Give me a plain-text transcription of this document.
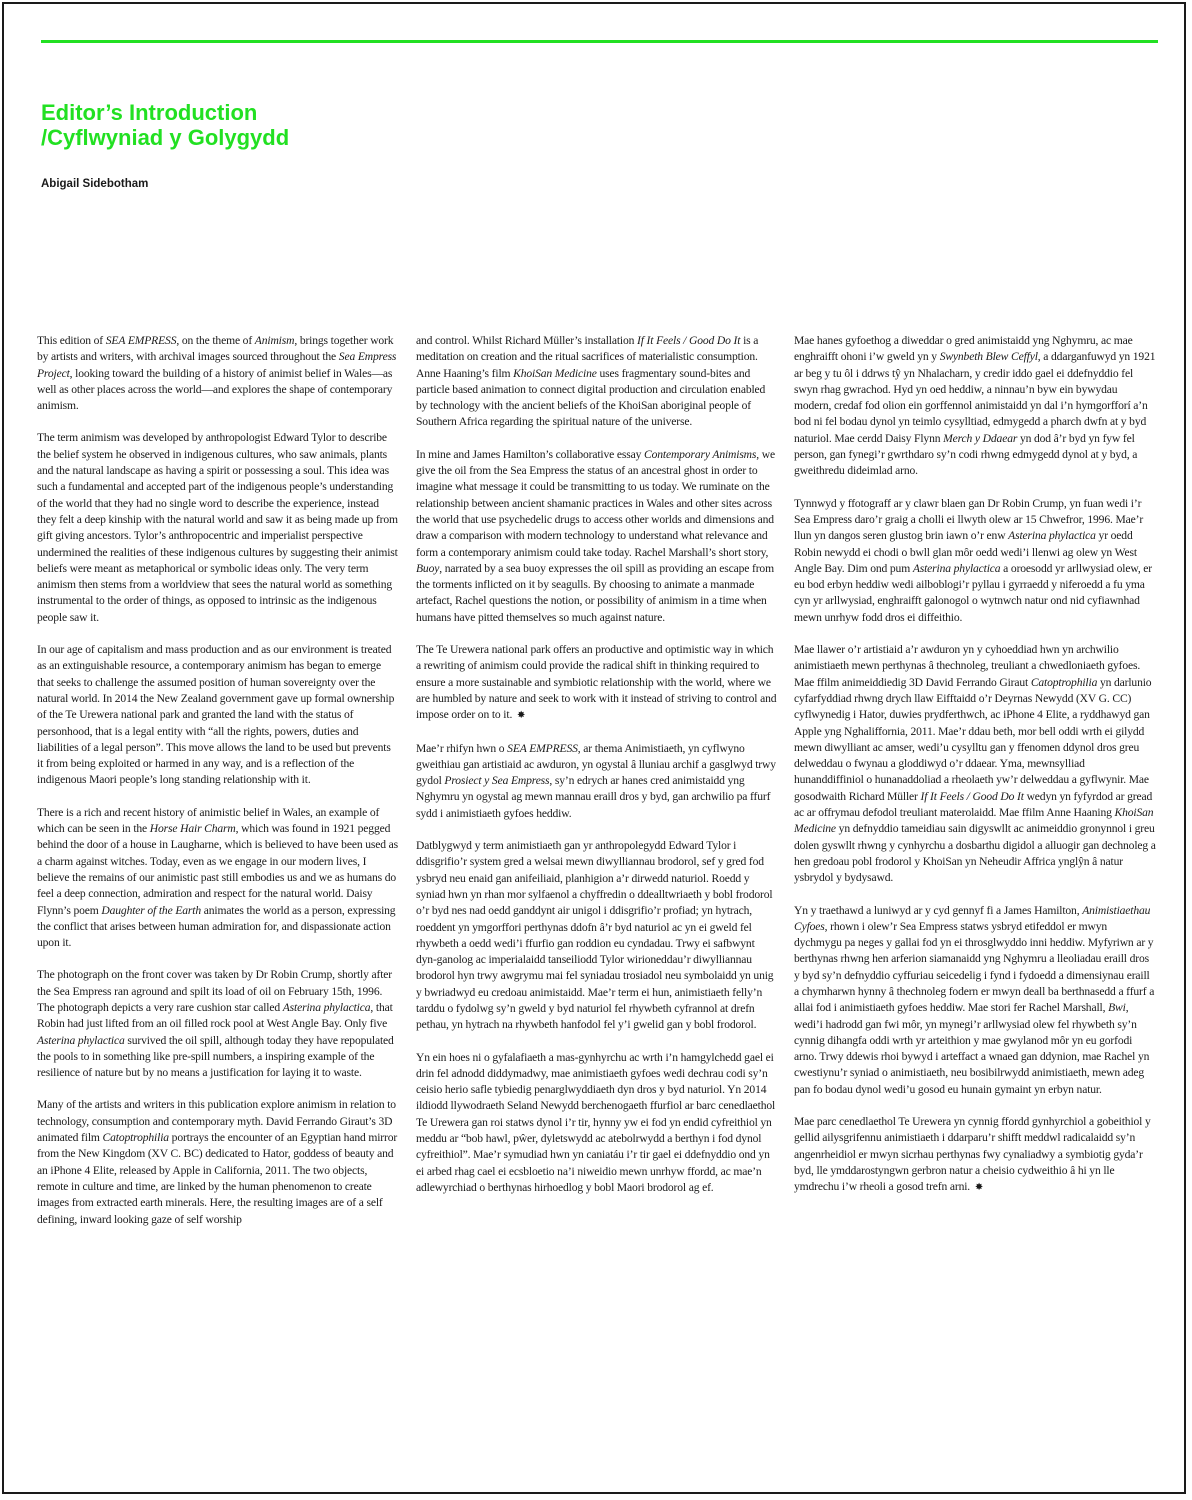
Editor’s Introduction
/Cyflwyniad y Golygydd

Abigail Sidebotham

This edition of SEA EMPRESS, on the theme of Animism, brings together work by artists and writers, with archival images sourced throughout the Sea Empress Project, looking toward the building of a history of animist belief in Wales—as well as other places across the world—and explores the shape of contemporary animism.

The term animism was developed by anthropologist Edward Tylor to describe the belief system he observed in indigenous cultures, who saw animals, plants and the natural landscape as having a spirit or possessing a soul. This idea was such a fundamental and accepted part of the indigenous people’s understanding of the world that they had no single word to describe the experience, instead they felt a deep kinship with the natural world and saw it as being made up from gift giving ancestors. Tylor’s anthropocentric and imperialist perspective undermined the realities of these indigenous cultures by suggesting their animist beliefs were meant as metaphorical or symbolic ideas only. The very term animism then stems from a worldview that sees the natural world as something instrumental to the order of things, as opposed to intrinsic as the indigenous people saw it.

In our age of capitalism and mass production and as our environment is treated as an extinguishable resource, a contemporary animism has began to emerge that seeks to challenge the assumed position of human sovereignty over the natural world. In 2014 the New Zealand government gave up formal ownership of the Te Urewera national park and granted the land with the status of personhood, that is a legal entity with “all the rights, powers, duties and liabilities of a legal person”. This move allows the land to be used but prevents it from being exploited or harmed in any way, and is a reflection of the indigenous Maori people’s long standing relationship with it.

There is a rich and recent history of animistic belief in Wales, an example of which can be seen in the Horse Hair Charm, which was found in 1921 pegged behind the door of a house in Laugharne, which is believed to have been used as a charm against witches. Today, even as we engage in our modern lives, I believe the remains of our animistic past still embodies us and we as humans do feel a deep connection, admiration and respect for the natural world. Daisy Flynn’s poem Daughter of the Earth animates the world as a person, expressing the conflict that arises between human admiration for, and dispassionate action upon it.

The photograph on the front cover was taken by Dr Robin Crump, shortly after the Sea Empress ran aground and spilt its load of oil on February 15th, 1996. The photograph depicts a very rare cushion star called Asterina phylactica, that Robin had just lifted from an oil filled rock pool at West Angle Bay. Only five Asterina phylactica survived the oil spill, although today they have repopulated the pools to in something like pre-spill numbers, a inspiring example of the resilience of nature but by no means a justification for laying it to waste.

Many of the artists and writers in this publication explore animism in relation to technology, consumption and contemporary myth. David Ferrando Giraut’s 3D animated film Catoptrophilia portrays the encounter of an Egyptian hand mirror from the New Kingdom (XV C. BC) dedicated to Hator, goddess of beauty and an iPhone 4 Elite, released by Apple in California, 2011. The two objects, remote in culture and time, are linked by the human phenomenon to create images from extracted earth minerals. Here, the resulting images are of a self defining, inward looking gaze of self worship

and control. Whilst Richard Müller’s installation If It Feels / Good Do It is a meditation on creation and the ritual sacrifices of materialistic consumption. Anne Haaning’s film KhoiSan Medicine uses fragmentary sound-bites and particle based animation to connect digital production and circulation enabled by technology with the ancient beliefs of the KhoiSan aboriginal people of Southern Africa regarding the spiritual nature of the universe.

In mine and James Hamilton’s collaborative essay Contemporary Animisms, we give the oil from the Sea Empress the status of an ancestral ghost in order to imagine what message it could be transmitting to us today. We ruminate on the relationship between ancient shamanic practices in Wales and other sites across the world that use psychedelic drugs to access other worlds and dimensions and draw a comparison with modern technology to understand what relevance and form a contemporary animism could take today. Rachel Marshall’s short story, Buoy, narrated by a sea buoy expresses the oil spill as providing an escape from the torments inflicted on it by seagulls. By choosing to animate a manmade artefact, Rachel questions the notion, or possibility of animism in a time when humans have pitted themselves so much against nature.

The Te Urewera national park offers an productive and optimistic way in which a rewriting of animism could provide the radical shift in thinking required to ensure a more sustainable and symbiotic relationship with the world, where we are humbled by nature and seek to work with it instead of striving to control and impose order on to it. ✸

Mae’r rhifyn hwn o SEA EMPRESS, ar thema Animistiaeth, yn cyflwyno gweithiau gan artistiaid ac awduron, yn ogystal â lluniau archif a gasglwyd trwy gydol Prosiect y Sea Empress, sy’n edrych ar hanes cred animistaidd yng Nghymru yn ogystal ag mewn mannau eraill dros y byd, gan archwilio pa ffurf sydd i animistiaeth gyfoes heddiw.

Datblygwyd y term animistiaeth gan yr anthropolegydd Edward Tylor i ddisgrifio’r system gred a welsai mewn diwylliannau brodorol, sef y gred fod ysbryd neu enaid gan anifeiliaid, planhigion a’r dirwedd naturiol. Roedd y syniad hwn yn rhan mor sylfaenol a chyffredin o ddealltwriaeth y bobl frodorol o’r byd nes nad oedd ganddynt air unigol i ddisgrifio’r profiad; yn hytrach, roeddent yn ymgorffori perthynas ddofn â’r byd naturiol ac yn ei gweld fel rhywbeth a oedd wedi’i ffurfio gan roddion eu cyndadau. Trwy ei safbwynt dyn-ganolog ac imperialaidd tanseiliodd Tylor wirioneddau’r diwylliannau brodorol hyn trwy awgrymu mai fel syniadau trosiadol neu symbolaidd yn unig y bwriadwyd eu credoau animistaidd. Mae’r term ei hun, animistiaeth felly’n tarddu o fydolwg sy’n gweld y byd naturiol fel rhywbeth cyfrannol at drefn pethau, yn hytrach na rhywbeth hanfodol fel y’i gwelid gan y bobl frodorol.

Yn ein hoes ni o gyfalafiaeth a mas-gynhyrchu ac wrth i’n hamgylchedd gael ei drin fel adnodd diddymadwy, mae animistiaeth gyfoes wedi dechrau codi sy’n ceisio herio safle tybiedig penarglwyddiaeth dyn dros y byd naturiol. Yn 2014 ildiodd llywodraeth Seland Newydd berchenogaeth ffurfiol ar barc cenedlaethol Te Urewera gan roi statws dynol i’r tir, hynny yw ei fod yn endid cyfreithiol yn meddu ar “bob hawl, pŵer, dyletswydd ac atebolrwydd a berthyn i fod dynol cyfreithiol”. Mae’r symudiad hwn yn caniatáu i’r tir gael ei ddefnyddio ond yn ei arbed rhag cael ei ecsbloetio na’i niweidio mewn unrhyw ffordd, ac mae’n adlewyrchiad o berthynas hirhoedlog y bobl Maori brodorol ag ef.

Mae hanes gyfoethog a diweddar o gred animistaidd yng Nghymru, ac mae enghraifft ohoni i’w gweld yn y Swynbeth Blew Ceffyl, a ddarganfuwyd yn 1921 ar beg y tu ôl i ddrws tŷ yn Nhalacharn, y credir iddo gael ei ddefnyddio fel swyn rhag gwrachod. Hyd yn oed heddiw, a ninnau’n byw ein bywydau modern, credaf fod olion ein gorffennol animistaidd yn dal i’n hymgorfforí a’n bod ni fel bodau dynol yn teimlo cysylltiad, edmygedd a pharch dwfn at y byd naturiol. Mae cerdd Daisy Flynn Merch y Ddaear yn dod â’r byd yn fyw fel person, gan fynegi’r gwrthdaro sy’n codi rhwng edmygedd dynol at y byd, a gweithredu dideimlad arno.

Tynnwyd y ffotograff ar y clawr blaen gan Dr Robin Crump, yn fuan wedi i’r Sea Empress daro’r graig a cholli ei llwyth olew ar 15 Chwefror, 1996. Mae’r llun yn dangos seren glustog brin iawn o’r enw Asterina phylactica yr oedd Robin newydd ei chodi o bwll glan môr oedd wedi’i llenwi ag olew yn West Angle Bay. Dim ond pum Asterina phylactica a oroesodd yr arllwysiad olew, er eu bod erbyn heddiw wedi ailboblogi’r pyllau i gyrraedd y niferoedd a fu yma cyn yr arllwysiad, enghraifft galonogol o wytnwch natur ond nid cyfiawnhad mewn unrhyw fodd dros ei diffeithio.

Mae llawer o’r artistiaid a’r awduron yn y cyhoeddiad hwn yn archwilio animistiaeth mewn perthynas â thechnoleg, treuliant a chwedloniaeth gyfoes. Mae ffilm animeiddiedig 3D David Ferrando Giraut Catoptrophilia yn darlunio cyfarfyddiad rhwng drych llaw Eifftaidd o’r Deyrnas Newydd (XV G. CC) cyflwynedig i Hator, duwies prydferthwch, ac iPhone 4 Elite, a ryddhawyd gan Apple yng Nghaliffornia, 2011. Mae’r ddau beth, mor bell oddi wrth ei gilydd mewn diwylliant ac amser, wedi’u cysylltu gan y ffenomen ddynol dros greu delweddau o fwynau a gloddiwyd o’r ddaear. Yma, mewnsylliad hunanddiffiniol o hunanaddoliad a rheolaeth yw’r delweddau a gyflwynir. Mae gosodwaith Richard Müller If It Feels / Good Do It wedyn yn fyfyrdod ar gread ac ar offrymau defodol treuliant materolaidd. Mae ffilm Anne Haaning KhoiSan Medicine yn defnyddio tameidiau sain digyswllt ac animeiddio gronynnol i greu dolen gyswllt rhwng y cynhyrchu a dosbarthu digidol a alluogir gan dechnoleg a hen gredoau pobl frodorol y KhoiSan yn Neheudir Affrica ynglŷn â natur ysbrydol y bydysawd.

Yn y traethawd a luniwyd ar y cyd gennyf fi a James Hamilton, Animistiaethau Cyfoes, rhown i olew’r Sea Empress statws ysbryd etifeddol er mwyn dychmygu pa neges y gallai fod yn ei throsglwyddo inni heddiw. Myfyriwn ar y berthynas rhwng hen arferion siamanaidd yng Nghymru a lleoliadau eraill dros y byd sy’n defnyddio cyffuriau seicedelig i fynd i fydoedd a dimensiynau eraill a chymharwn hynny â thechnoleg fodern er mwyn deall ba berthnasedd a ffurf a allai fod i animistiaeth gyfoes heddiw. Mae stori fer Rachel Marshall, Bwi, wedi’i hadrodd gan fwi môr, yn mynegi’r arllwysiad olew fel rhywbeth sy’n cynnig dihangfa oddi wrth yr arteithion y mae gwylanod môr yn eu gorfodi arno. Trwy ddewis rhoi bywyd i arteffact a wnaed gan ddynion, mae Rachel yn cwestiynu’r syniad o animistiaeth, neu bosibilrwydd animistiaeth, mewn adeg pan fo bodau dynol wedi’u gosod eu hunain gymaint yn erbyn natur.

Mae parc cenedlaethol Te Urewera yn cynnig ffordd gynhyrchiol a gobeithiol y gellid ailysgrifennu animistiaeth i ddarparu’r shifft meddwl radicalaidd sy’n angenrheidiol er mwyn sicrhau perthynas fwy cynaliadwy a symbiotig gyda’r byd, lle ymddarostyngwn gerbron natur a cheisio cydweithio â hi yn lle ymdrechu i’w rheoli a gosod trefn arni. ✸
